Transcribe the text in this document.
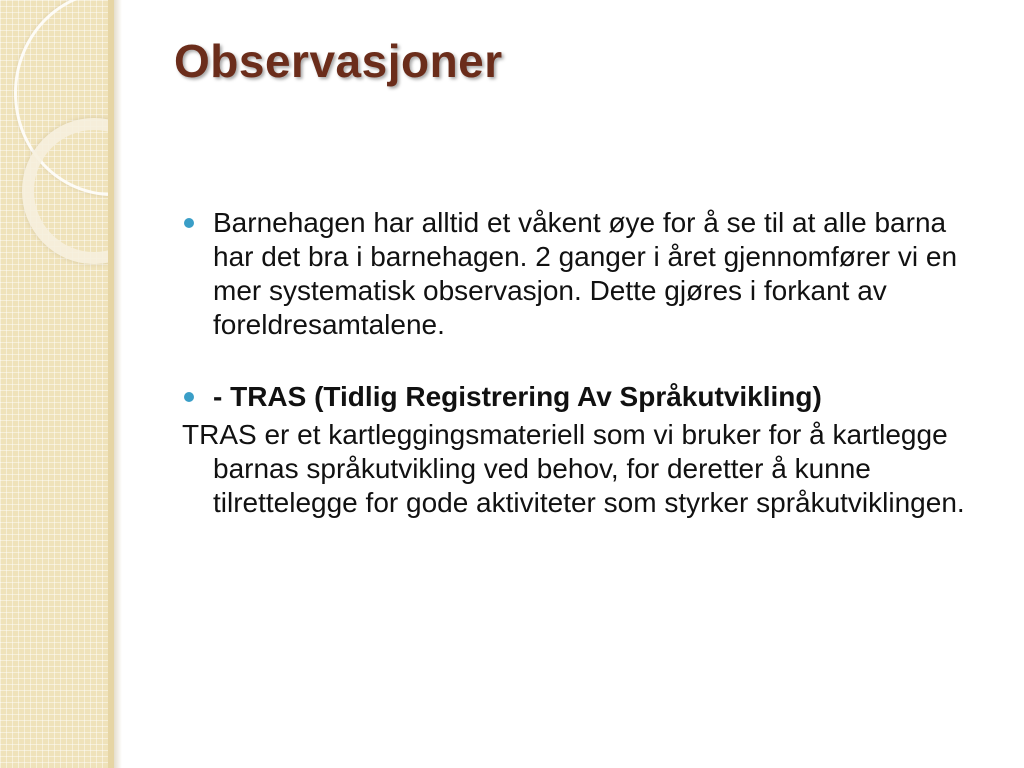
Observasjoner
Barnehagen har alltid et våkent øye for å se til at alle barna har det bra i barnehagen. 2 ganger i året gjennomfører vi en mer systematisk observasjon. Dette gjøres i forkant av foreldresamtalene.
- TRAS (Tidlig Registrering Av Språkutvikling)
TRAS er et kartleggingsmateriell som vi bruker for å kartlegge barnas språkutvikling ved behov, for deretter å kunne tilrettelegge for gode aktiviteter som styrker språkutviklingen.
